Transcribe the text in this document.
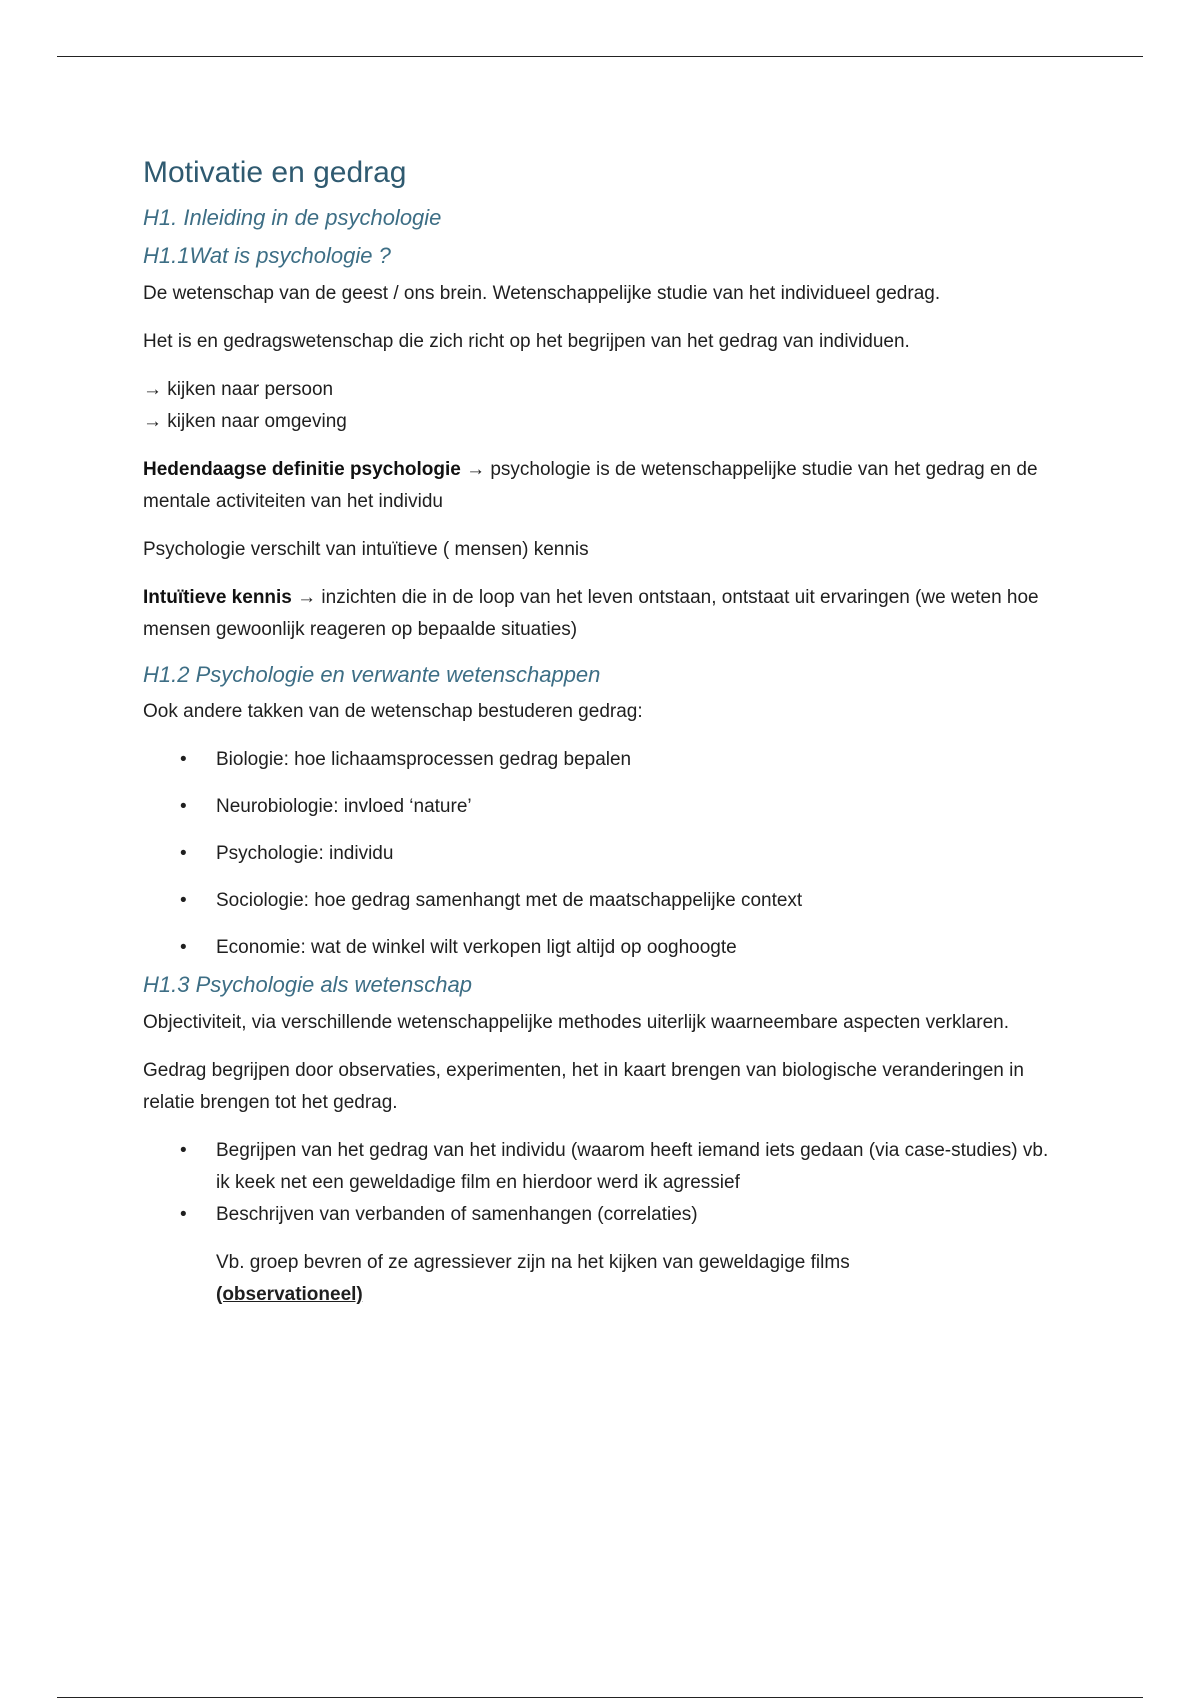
Motivatie en gedrag
H1. Inleiding in de psychologie
H1.1Wat is psychologie ?

De wetenschap van de geest / ons brein. Wetenschappelijke studie van het individueel gedrag.

Het is en gedragswetenschap die zich richt op het begrijpen van het gedrag van individuen.

→ kijken naar persoon

→ kijken naar omgeving

Hedendaagse definitie psychologie → psychologie is de wetenschappelijke studie van het gedrag en de mentale activiteiten van het individu

Psychologie verschilt van intuïtieve ( mensen) kennis

Intuïtieve kennis → inzichten die in de loop van het leven ontstaan, ontstaat uit ervaringen (we weten hoe mensen gewoonlijk reageren op bepaalde situaties)

H1.2 Psychologie en verwante wetenschappen

Ook andere takken van de wetenschap bestuderen gedrag:

• Biologie: hoe lichaamsprocessen gedrag bepalen
• Neurobiologie: invloed ‘nature’
• Psychologie: individu
• Sociologie: hoe gedrag samenhangt met de maatschappelijke context
• Economie: wat de winkel wilt verkopen ligt altijd op ooghoogte
H1.3 Psychologie als wetenschap

Objectiviteit, via verschillende wetenschappelijke methodes uiterlijk waarneembare aspecten verklaren.

Gedrag begrijpen door observaties, experimenten, het in kaart brengen van biologische veranderingen in relatie brengen tot het gedrag.

• Begrijpen van het gedrag van het individu (waarom heeft iemand iets gedaan (via case-studies) vb. ik keek net een geweldadige film en hierdoor werd ik agressief
• Beschrijven van verbanden of samenhangen (correlaties)

Vb. groep bevren of ze agressiever zijn na het kijken van geweldagige films

(observationeel)
